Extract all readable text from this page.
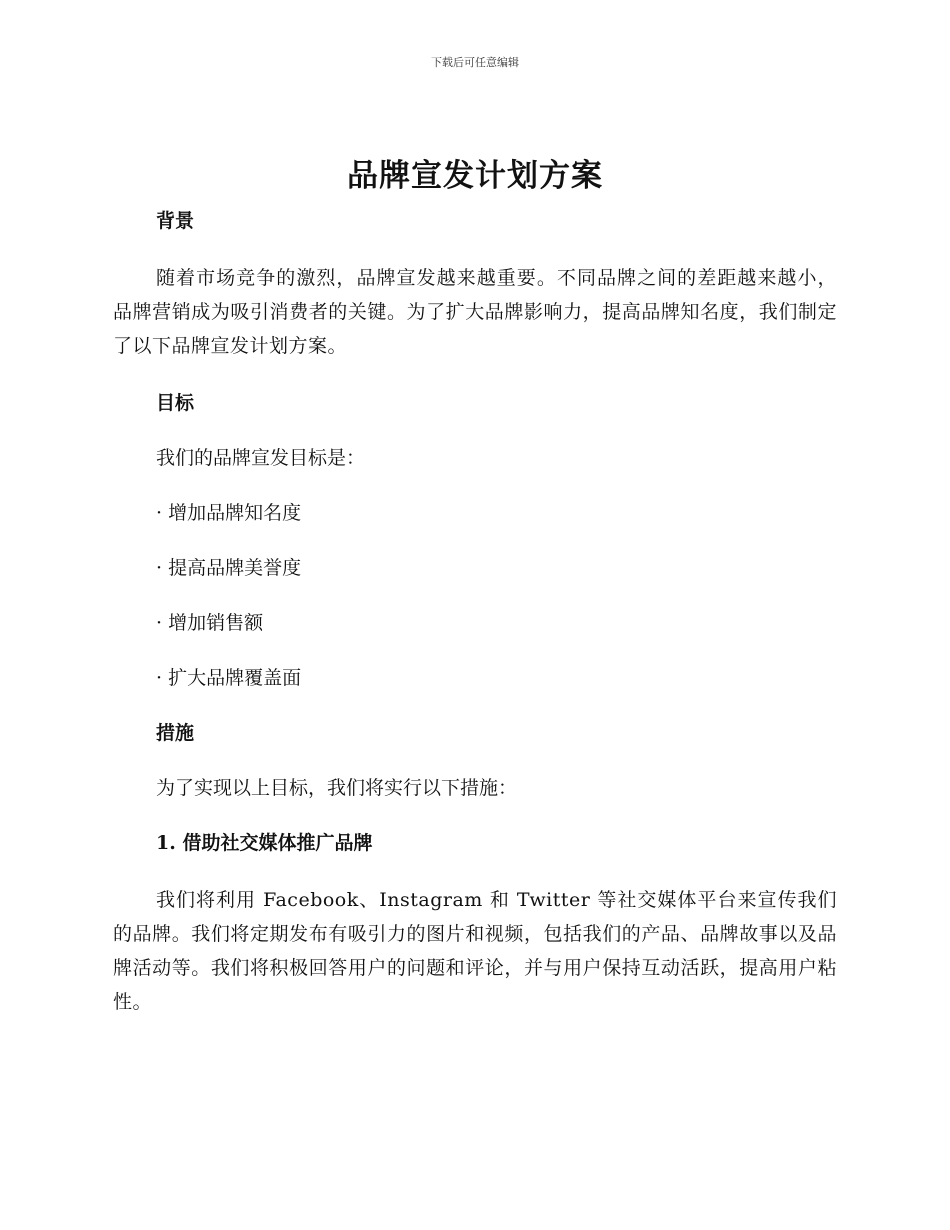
下载后可任意编辑
品牌宣发计划方案
背景
随着市场竞争的激烈，品牌宣发越来越重要。不同品牌之间的差距越来越小，品牌营销成为吸引消费者的关键。为了扩大品牌影响力，提高品牌知名度，我们制定了以下品牌宣发计划方案。
目标
我们的品牌宣发目标是：
· 增加品牌知名度
· 提高品牌美誉度
· 增加销售额
· 扩大品牌覆盖面
措施
为了实现以上目标，我们将实行以下措施：
1. 借助社交媒体推广品牌
我们将利用 Facebook、Instagram 和 Twitter 等社交媒体平台来宣传我们的品牌。我们将定期发布有吸引力的图片和视频，包括我们的产品、品牌故事以及品牌活动等。我们将积极回答用户的问题和评论，并与用户保持互动活跃，提高用户粘性。
